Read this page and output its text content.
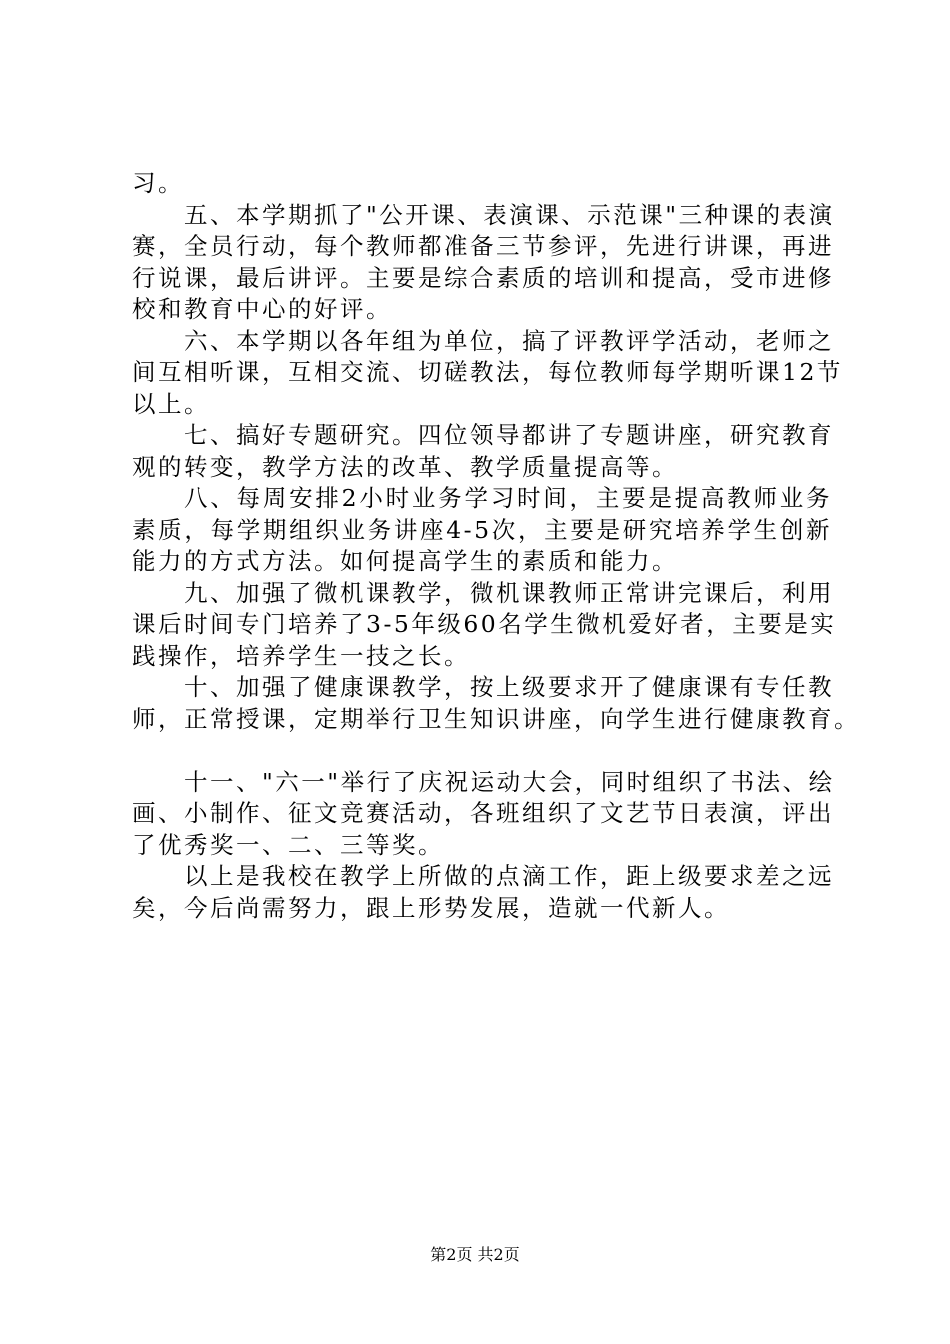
习。
五、本学期抓了"公开课、表演课、示范课"三种课的表演
赛，全员行动，每个教师都准备三节参评，先进行讲课，再进
行说课，最后讲评。主要是综合素质的培训和提高，受市进修
校和教育中心的好评。
六、本学期以各年组为单位，搞了评教评学活动，老师之
间互相听课，互相交流、切磋教法，每位教师每学期听课12节
以上。
七、搞好专题研究。四位领导都讲了专题讲座，研究教育
观的转变，教学方法的改革、教学质量提高等。
八、每周安排2小时业务学习时间，主要是提高教师业务
素质，每学期组织业务讲座4-5次，主要是研究培养学生创新
能力的方式方法。如何提高学生的素质和能力。
九、加强了微机课教学，微机课教师正常讲完课后，利用
课后时间专门培养了3-5年级60名学生微机爱好者，主要是实
践操作，培养学生一技之长。
十、加强了健康课教学，按上级要求开了健康课有专任教
师，正常授课，定期举行卫生知识讲座，向学生进行健康教育。
十一、"六一"举行了庆祝运动大会，同时组织了书法、绘
画、小制作、征文竞赛活动，各班组织了文艺节日表演，评出
了优秀奖一、二、三等奖。
以上是我校在教学上所做的点滴工作，距上级要求差之远
矣，今后尚需努力，跟上形势发展，造就一代新人。
第2页 共2页
